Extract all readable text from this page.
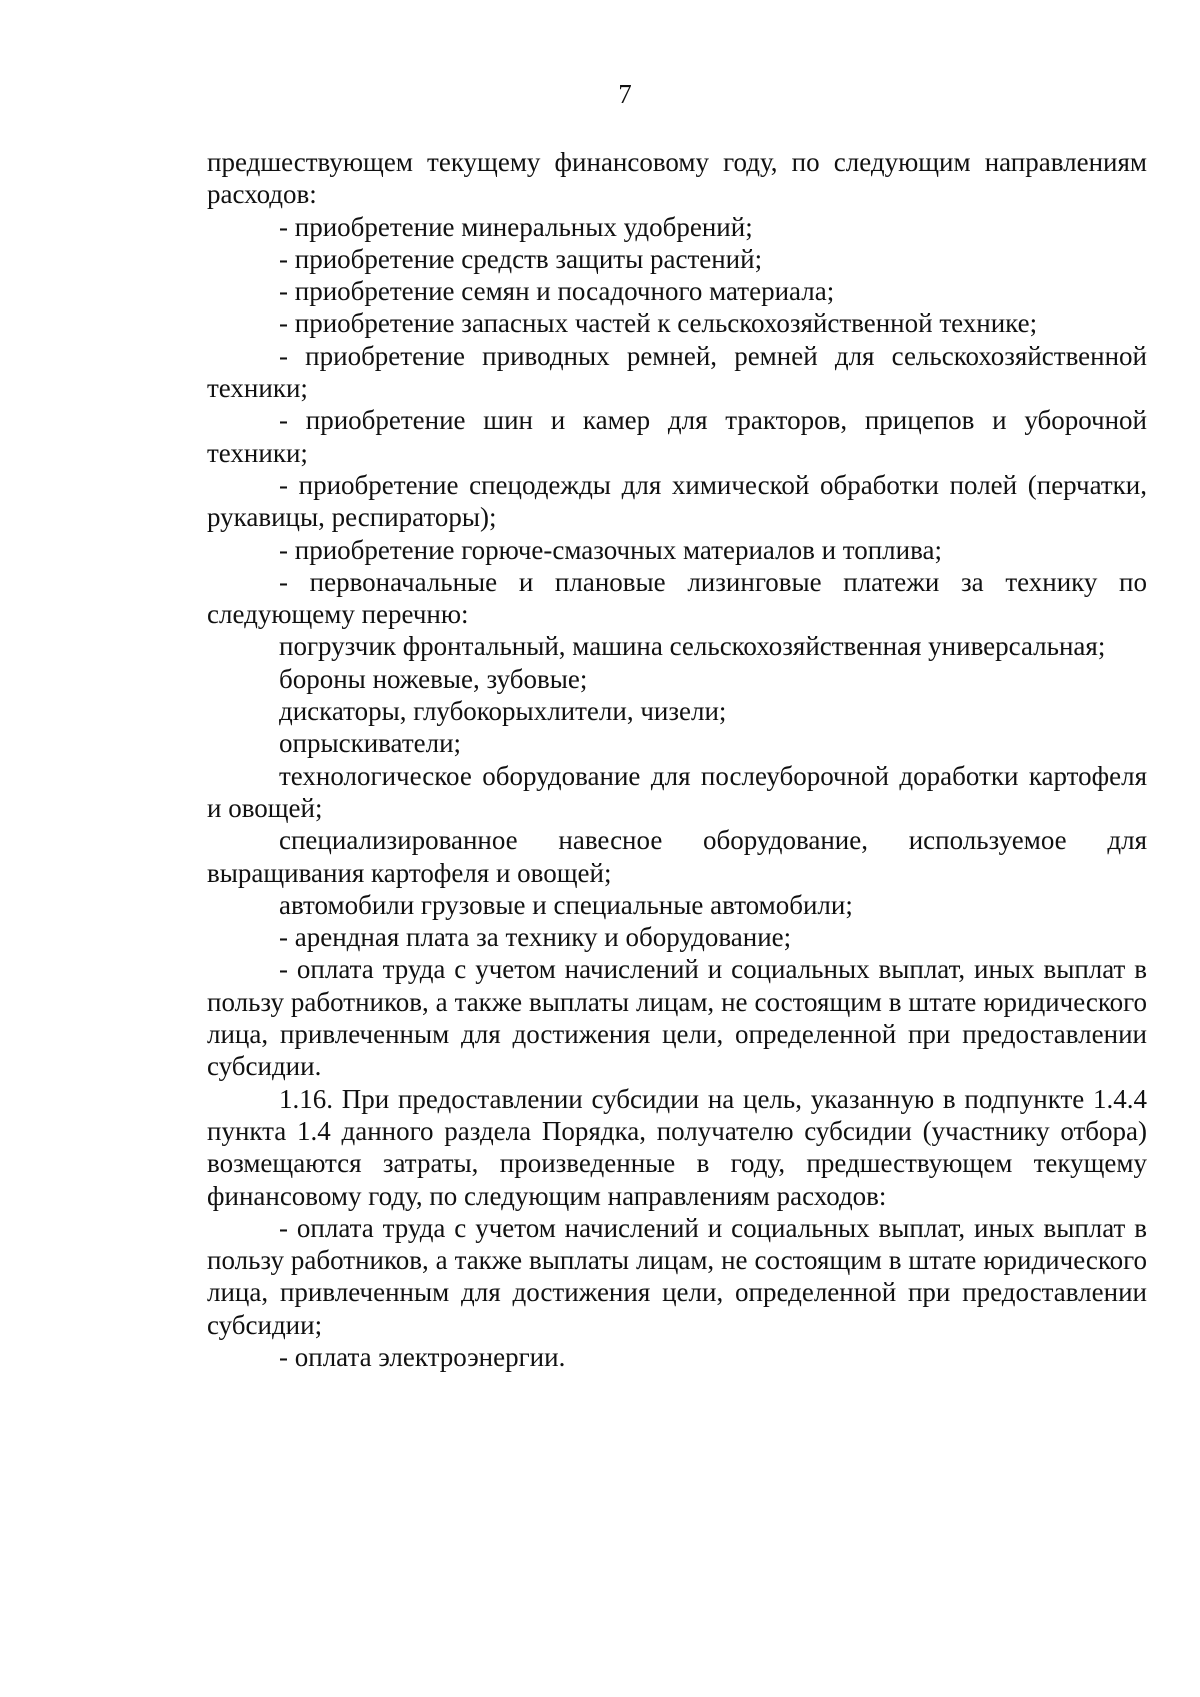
7

предшествующем текущему финансовому году, по следующим направлениям расходов:

- приобретение минеральных удобрений;

- приобретение средств защиты растений;

- приобретение семян и посадочного материала;

- приобретение запасных частей к сельскохозяйственной технике;

- приобретение приводных ремней, ремней для сельскохозяйственной техники;

- приобретение шин и камер для тракторов, прицепов и уборочной техники;

- приобретение спецодежды для химической обработки полей (перчатки, рукавицы, респираторы);

- приобретение горюче-смазочных материалов и топлива;

- первоначальные и плановые лизинговые платежи за технику по следующему перечню:

погрузчик фронтальный, машина сельскохозяйственная универсальная;

бороны ножевые, зубовые;

дискаторы, глубокорыхлители, чизели;

опрыскиватели;

технологическое оборудование для послеуборочной доработки картофеля и овощей;

специализированное навесное оборудование, используемое для выращивания картофеля и овощей;

автомобили грузовые и специальные автомобили;

- арендная плата за технику и оборудование;

- оплата труда с учетом начислений и социальных выплат, иных выплат в пользу работников, а также выплаты лицам, не состоящим в штате юридического лица, привлеченным для достижения цели, определенной при предоставлении субсидии.

1.16. При предоставлении субсидии на цель, указанную в подпункте 1.4.4 пункта 1.4 данного раздела Порядка, получателю субсидии (участнику отбора) возмещаются затраты, произведенные в году, предшествующем текущему финансовому году, по следующим направлениям расходов:

- оплата труда с учетом начислений и социальных выплат, иных выплат в пользу работников, а также выплаты лицам, не состоящим в штате юридического лица, привлеченным для достижения цели, определенной при предоставлении субсидии;

- оплата электроэнергии.
